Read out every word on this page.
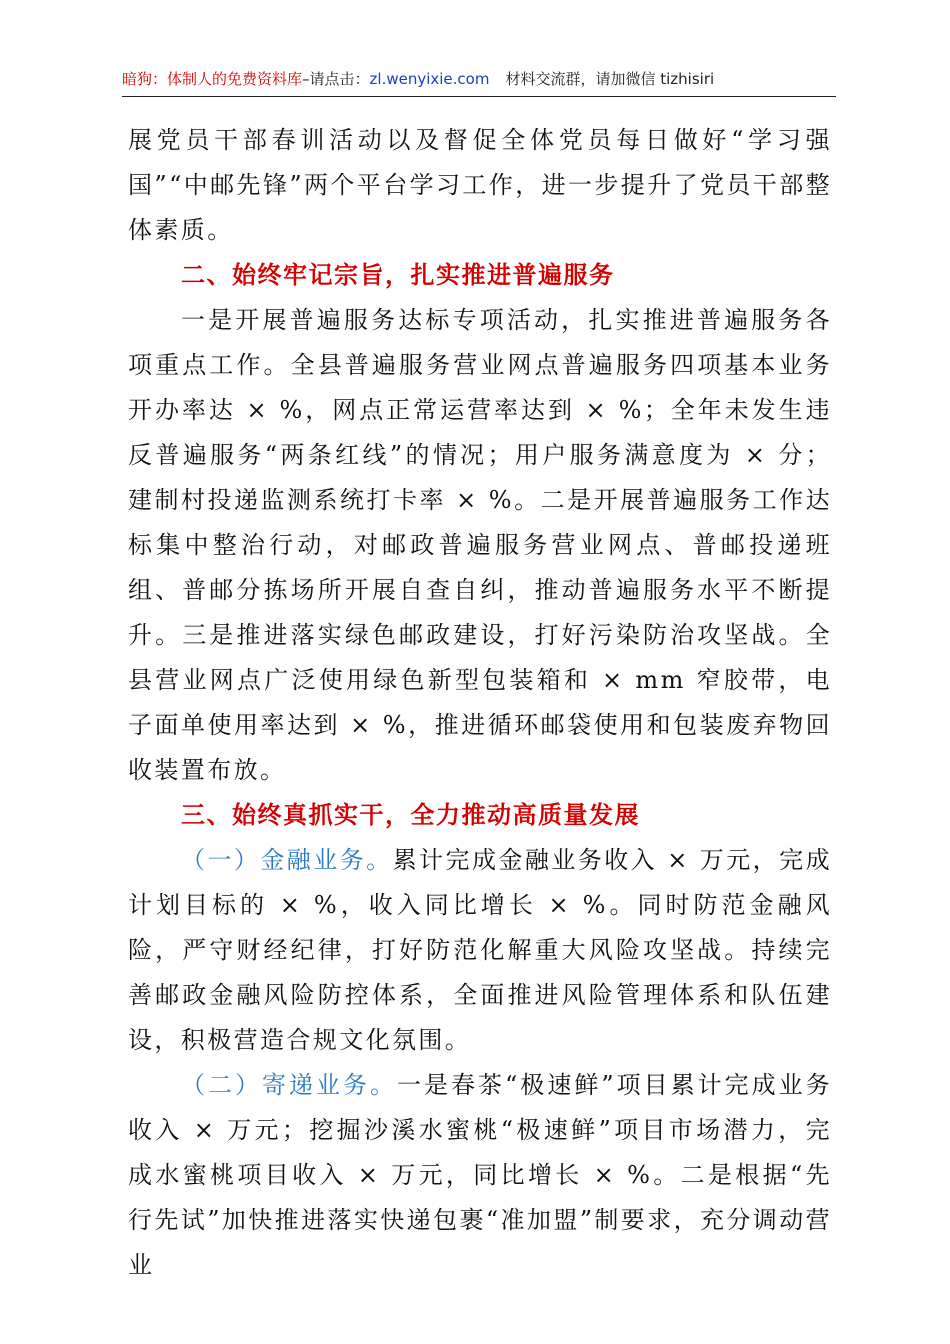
暗狗：体制人的免费资料库–请点击：zl.wenyixie.com 材料交流群，请加微信 tizhisiri

展党员干部春训活动以及督促全体党员每日做好“学习强国”“中邮先锋”两个平台学习工作，进一步提升了党员干部整体素质。

二、始终牢记宗旨，扎实推进普遍服务

一是开展普遍服务达标专项活动，扎实推进普遍服务各项重点工作。全县普遍服务营业网点普遍服务四项基本业务开办率达 × %，网点正常运营率达到 × %；全年未发生违反普遍服务“两条红线”的情况；用户服务满意度为 × 分；建制村投递监测系统打卡率 × %。二是开展普遍服务工作达标集中整治行动，对邮政普遍服务营业网点、普邮投递班组、普邮分拣场所开展自查自纠，推动普遍服务水平不断提升。三是推进落实绿色邮政建设，打好污染防治攻坚战。全县营业网点广泛使用绿色新型包装箱和 × mm 窄胶带，电子面单使用率达到 × %，推进循环邮袋使用和包装废弃物回收装置布放。

三、始终真抓实干，全力推动高质量发展

（一）金融业务。累计完成金融业务收入 × 万元，完成计划目标的 × %，收入同比增长 × %。同时防范金融风险，严守财经纪律，打好防范化解重大风险攻坚战。持续完善邮政金融风险防控体系，全面推进风险管理体系和队伍建设，积极营造合规文化氛围。

（二）寄递业务。一是春茶“极速鲜”项目累计完成业务收入 × 万元；挖掘沙溪水蜜桃“极速鲜”项目市场潜力，完成水蜜桃项目收入 × 万元，同比增长 × %。二是根据“先行先试”加快推进落实快递包裹“准加盟”制要求，充分调动营业
